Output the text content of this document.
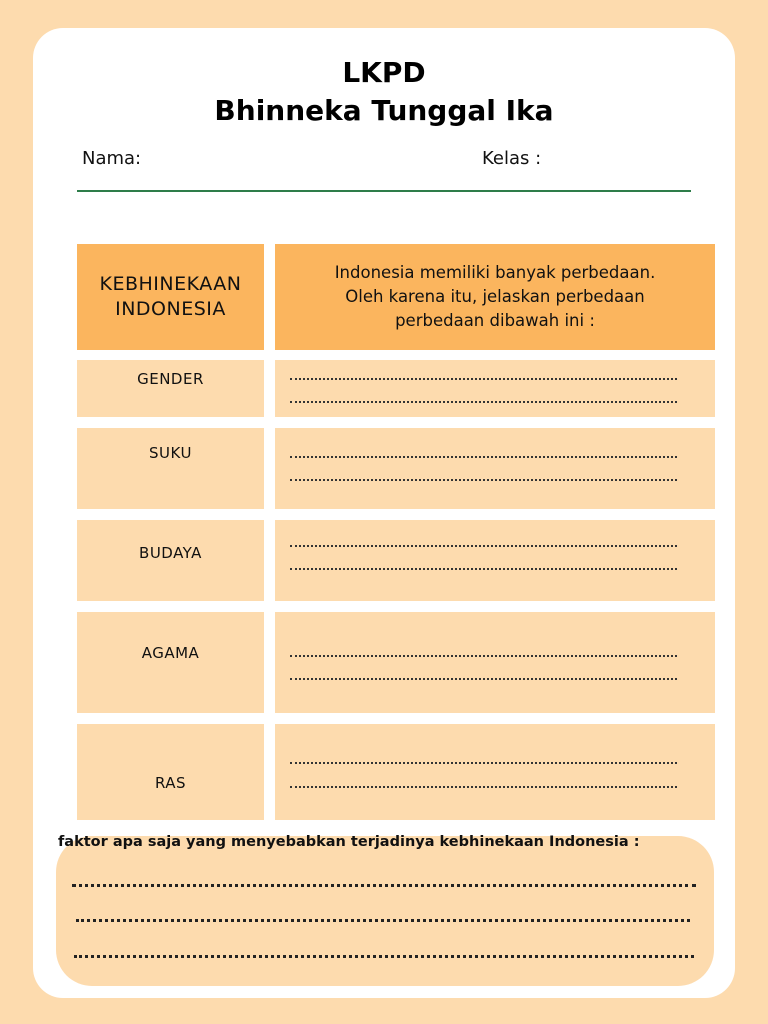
LKPD
Bhinneka Tunggal Ika
Nama:	Kelas :
KEBHINEKAAN
INDONESIA
Indonesia memiliki banyak perbedaan.
Oleh karena itu, jelaskan perbedaan
perbedaan dibawah ini :
GENDER
SUKU
BUDAYA
AGAMA
RAS
faktor apa saja yang menyebabkan terjadinya kebhinekaan Indonesia :
